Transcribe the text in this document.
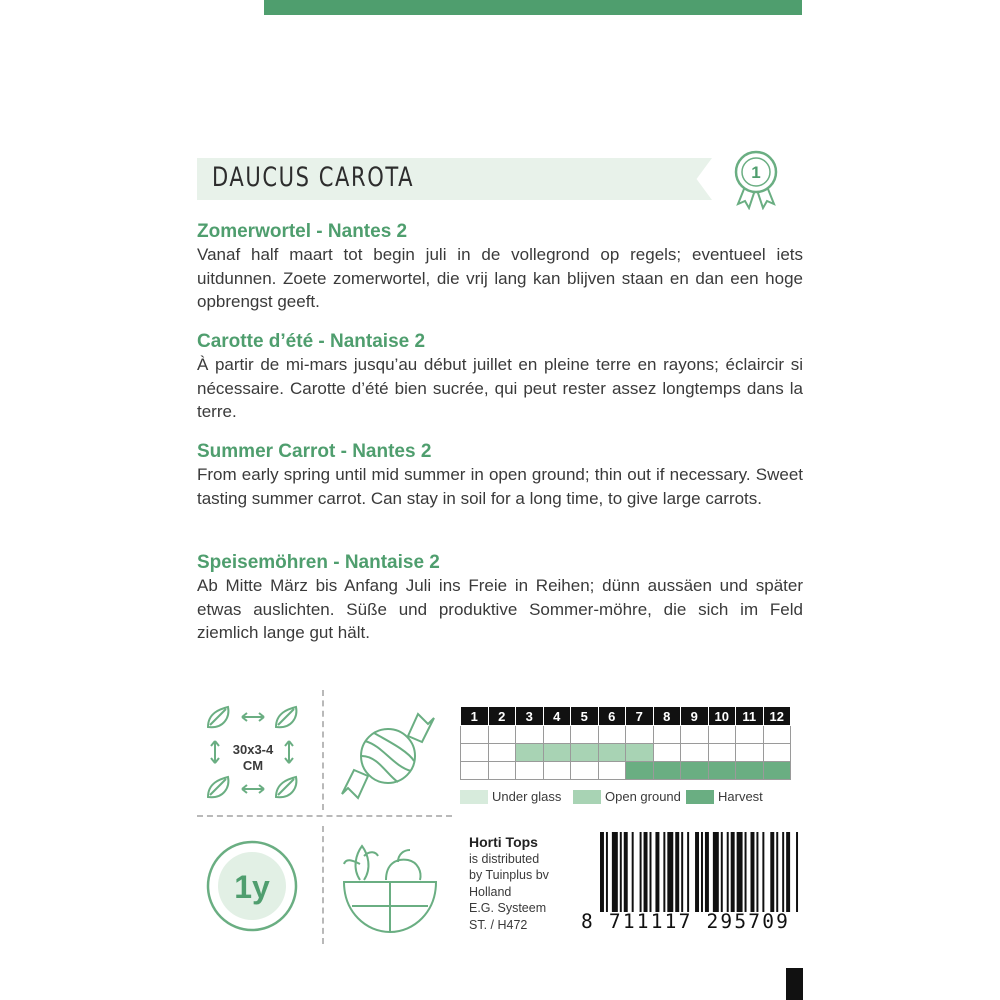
DAUCUS CAROTA	1
Zomerwortel - Nantes 2

Vanaf half maart tot begin juli in de vollegrond op regels; eventueel iets uitdunnen. Zoete zomerwortel, die vrij lang kan blijven staan en dan een hoge opbrengst geeft.

Carotte d’été - Nantaise 2

À partir de mi-mars jusqu’au début juillet en pleine terre en rayons; éclaircir si nécessaire. Carotte d’été bien sucrée, qui peut rester assez longtemps dans la terre.

Summer Carrot - Nantes 2

From early spring until mid summer in open ground; thin out if necessary. Sweet tasting summer carrot. Can stay in soil for a long time, to give large carrots.

Speisemöhren - Nantaise 2

Ab Mitte März bis Anfang Juli ins Freie in Reihen; dünn aussäen und später etwas auslichten. Süße und produktive Sommer-möhre, die sich im Feld ziemlich lange gut hält.

30x3-4
CM
1y
1	2	3	4	5	6	7	8	9	10	11	12

Under glass	Open ground	Harvest
Horti Tops
is distributed
by Tuinplus bv
Holland
E.G. Systeem
ST. / H472	8 711117 295709
